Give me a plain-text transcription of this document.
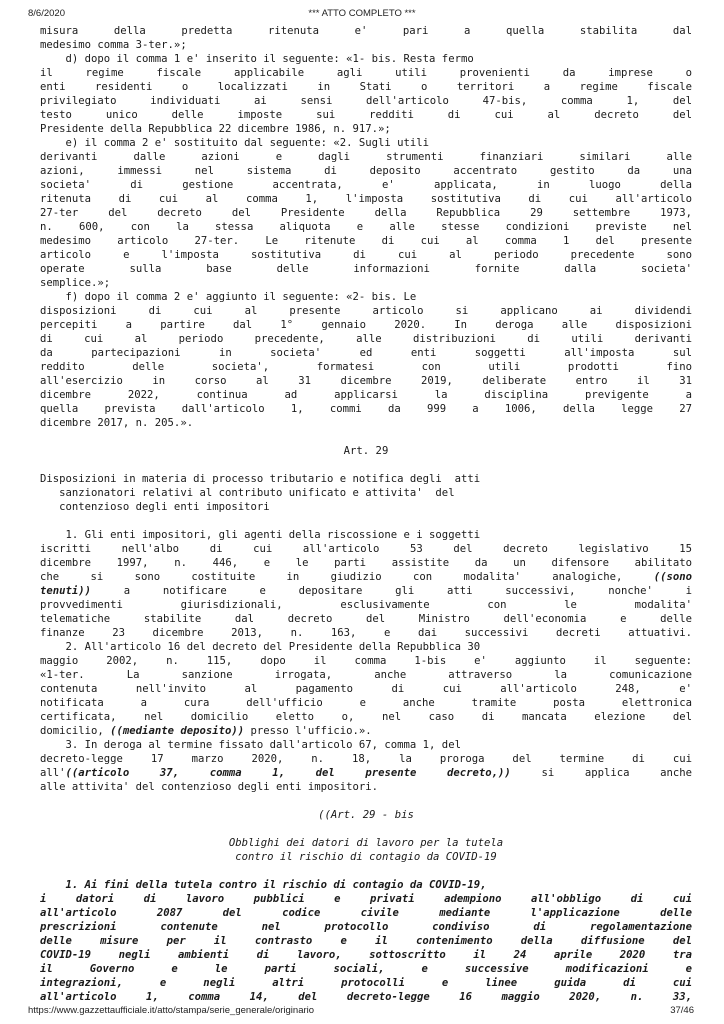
8/6/2020	*** ATTO COMPLETO ***
misura della predetta ritenuta e' pari a quella stabilita dal
medesimo comma 3-ter.»;
d) dopo il comma 1 e' inserito il seguente: «1- bis. Resta fermo
il regime fiscale applicabile agli utili provenienti da imprese o
enti residenti o localizzati in Stati o territori a regime fiscale
privilegiato individuati ai sensi dell'articolo 47-bis, comma 1, del
testo unico delle imposte sui redditi di cui al decreto del
Presidente della Repubblica 22 dicembre 1986, n. 917.»;
e) il comma 2 e' sostituito dal seguente: «2. Sugli utili
derivanti dalle azioni e dagli strumenti finanziari similari alle
azioni, immessi nel sistema di deposito accentrato gestito da una
societa' di gestione accentrata, e' applicata, in luogo della
ritenuta di cui al comma 1, l'imposta sostitutiva di cui all'articolo
27-ter del decreto del Presidente della Repubblica 29 settembre 1973,
n. 600, con la stessa aliquota e alle stesse condizioni previste nel
medesimo articolo 27-ter. Le ritenute di cui al comma 1 del presente
articolo e l'imposta sostitutiva di cui al periodo precedente sono
operate sulla base delle informazioni fornite dalla societa'
semplice.»;
f) dopo il comma 2 e' aggiunto il seguente: «2- bis. Le
disposizioni di cui al presente articolo si applicano ai dividendi
percepiti a partire dal 1° gennaio 2020. In deroga alle disposizioni
di cui al periodo precedente, alle distribuzioni di utili derivanti
da partecipazioni in societa' ed enti soggetti all'imposta sul
reddito delle societa', formatesi con utili prodotti fino
all'esercizio in corso al 31 dicembre 2019, deliberate entro il 31
dicembre 2022, continua ad applicarsi la disciplina previgente a
quella prevista dall'articolo 1, commi da 999 a 1006, della legge 27
dicembre 2017, n. 205.».
Art. 29
Disposizioni in materia di processo tributario e notifica degli  atti
sanzionatori relativi al contributo unificato e attivita'  del
contenzioso degli enti impositori
1. Gli enti impositori, gli agenti della riscossione e i soggetti
iscritti nell'albo di cui all'articolo 53 del decreto legislativo 15
dicembre 1997, n. 446, e le parti assistite da un difensore abilitato
che si sono costituite in giudizio con modalita' analogiche, ((sono
tenuti)) a notificare e depositare gli atti successivi, nonche' i
provvedimenti giurisdizionali, esclusivamente con le modalita'
telematiche stabilite dal decreto del Ministro dell'economia e delle
finanze 23 dicembre 2013, n. 163, e dai successivi decreti attuativi.
2. All'articolo 16 del decreto del Presidente della Repubblica 30
maggio 2002, n. 115, dopo il comma 1-bis e' aggiunto il seguente:
«1-ter. La sanzione irrogata, anche attraverso la comunicazione
contenuta nell'invito al pagamento di cui all'articolo 248, e'
notificata a cura dell'ufficio e anche tramite posta elettronica
certificata, nel domicilio eletto o, nel caso di mancata elezione del
domicilio, ((mediante deposito)) presso l'ufficio.».
3. In deroga al termine fissato dall'articolo 67, comma 1, del
decreto-legge 17 marzo 2020, n. 18, la proroga del termine di cui
all'((articolo 37, comma 1, del presente decreto,)) si applica anche
alle attivita' del contenzioso degli enti impositori.
((Art. 29 - bis
Obblighi dei datori di lavoro per la tutela
contro il rischio di contagio da COVID-19
1. Ai fini della tutela contro il rischio di contagio da COVID-19,
i datori di lavoro pubblici e privati adempiono all'obbligo di cui
all'articolo 2087 del codice civile mediante l'applicazione delle
prescrizioni contenute nel protocollo condiviso di regolamentazione
delle misure per il contrasto e il contenimento della diffusione del
COVID-19 negli ambienti di lavoro, sottoscritto il 24 aprile 2020 tra
il Governo e le parti sociali, e successive modificazioni e
integrazioni, e negli altri protocolli e linee guida di cui
all'articolo 1, comma 14, del decreto-legge 16 maggio 2020, n. 33,
https://www.gazzettaufficiale.it/atto/stampa/serie_generale/originario	37/46
